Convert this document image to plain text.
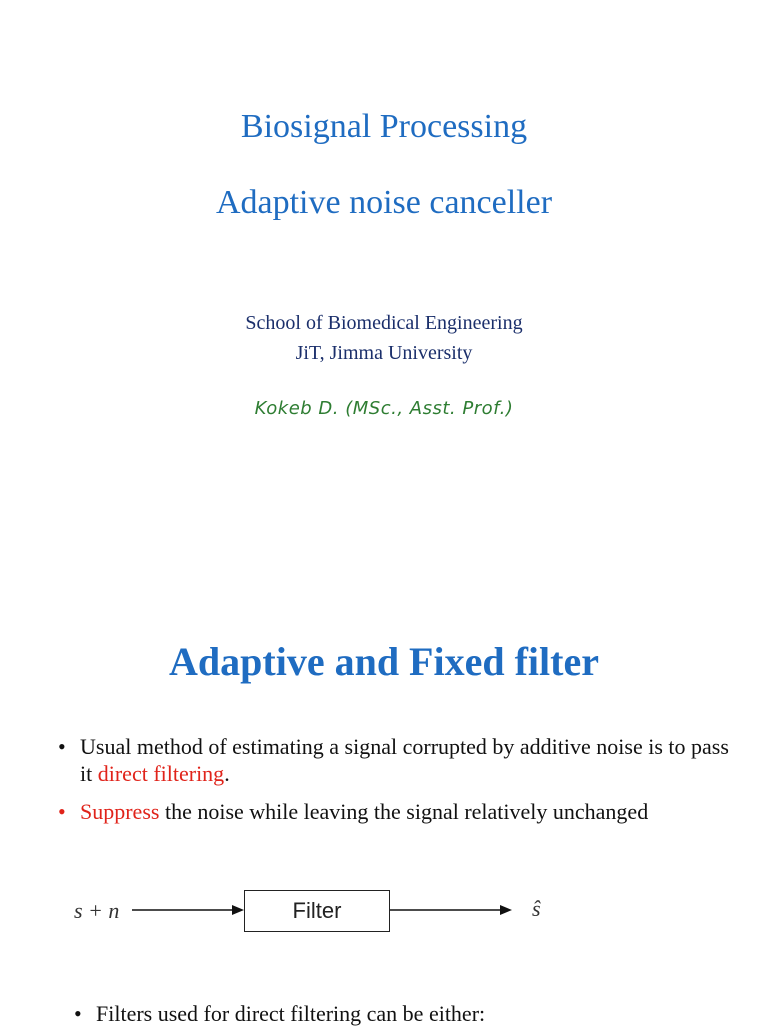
Biosignal Processing
Adaptive noise canceller
School of Biomedical Engineering
JiT, Jimma University
Kokeb D. (MSc., Asst. Prof.)
Adaptive and Fixed filter
• Usual method of estimating a signal corrupted by additive noise is to pass it direct filtering.
• Suppress the noise while leaving the signal relatively unchanged
s + n	Filter	ŝ
• Filters used for direct filtering can be either:
